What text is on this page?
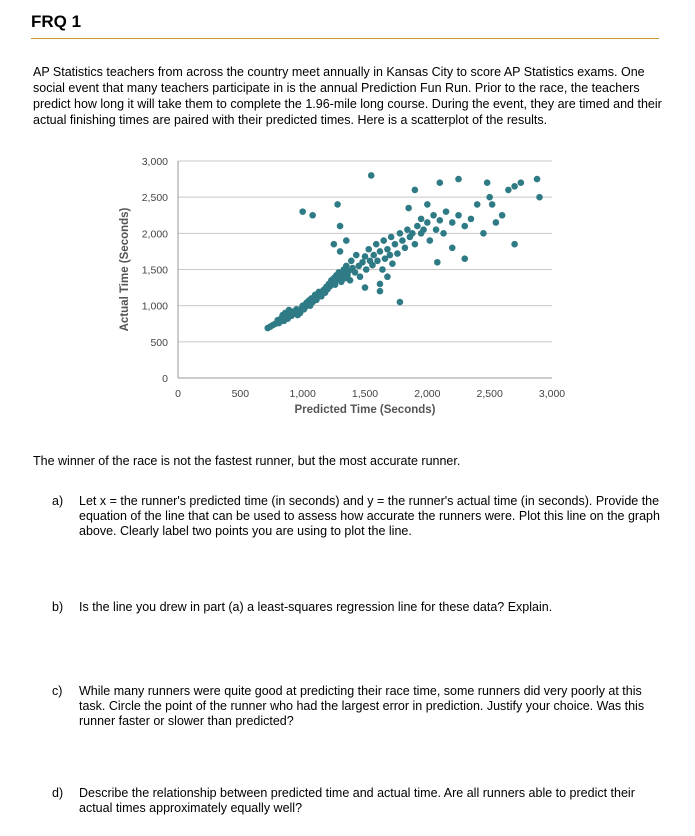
FRQ 1
AP Statistics teachers from across the country meet annually in Kansas City to score AP Statistics exams. One social event that many teachers participate in is the annual Prediction Fun Run. Prior to the race, the teachers predict how long it will take them to complete the 1.96-mile long course. During the event, they are timed and their actual finishing times are paired with their predicted times. Here is a scatterplot of the results.
0
500
1,000
1,500
2,000
2,500
3,000
0	500	1,000	1,500	2,000	2,500	3,000
Predicted Time (Seconds)
Actual Time (Seconds)
The winner of the race is not the fastest runner, but the most accurate runner.
a) Let x = the runner's predicted time (in seconds) and y = the runner's actual time (in seconds). Provide the equation of the line that can be used to assess how accurate the runners were. Plot this line on the graph above. Clearly label two points you are using to plot the line.
b) Is the line you drew in part (a) a least-squares regression line for these data? Explain.
c) While many runners were quite good at predicting their race time, some runners did very poorly at this task. Circle the point of the runner who had the largest error in prediction. Justify your choice. Was this runner faster or slower than predicted?
d) Describe the relationship between predicted time and actual time. Are all runners able to predict their actual times approximately equally well?
